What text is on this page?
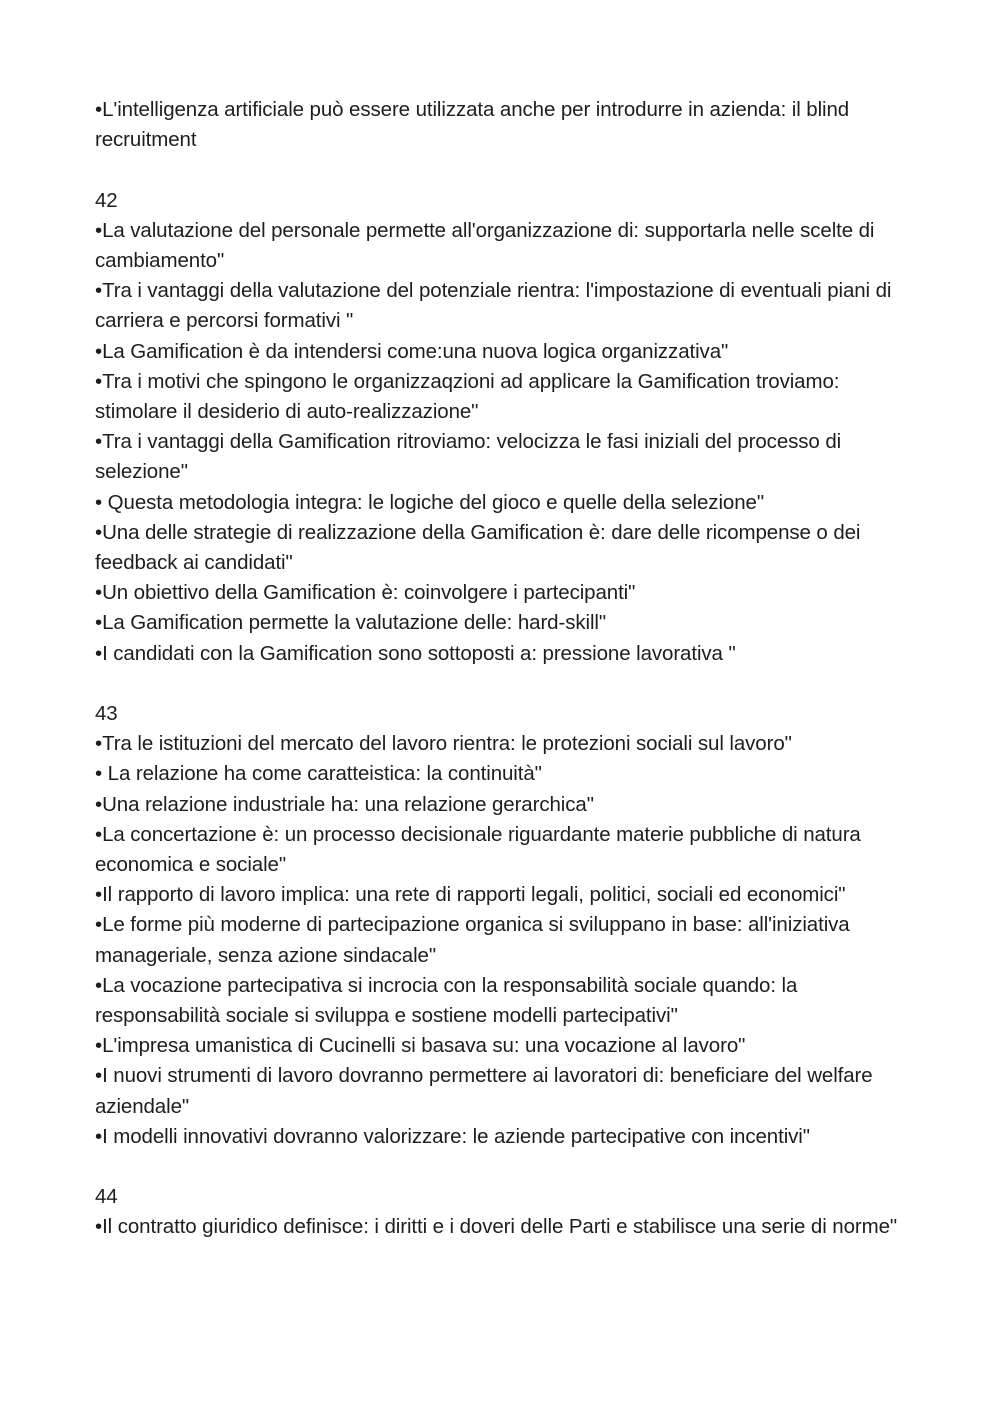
•L'intelligenza artificiale può essere utilizzata anche per introdurre in azienda: il blind recruitment
42
•La valutazione del personale permette all'organizzazione di: supportarla nelle scelte di cambiamento"
•Tra i vantaggi della valutazione del potenziale rientra: l'impostazione di eventuali piani di carriera e percorsi formativi "
•La Gamification è da intendersi come:una nuova logica organizzativa"
•Tra i motivi che spingono le organizzaqzioni ad applicare la Gamification troviamo: stimolare il desiderio di auto-realizzazione"
•Tra i vantaggi della Gamification ritroviamo: velocizza le fasi iniziali del processo di selezione"
• Questa metodologia integra: le logiche del gioco e quelle della selezione"
•Una delle strategie di realizzazione della Gamification è: dare delle ricompense o dei feedback ai candidati"
•Un obiettivo della Gamification è: coinvolgere i partecipanti"
•La Gamification permette la valutazione delle: hard-skill"
•I candidati con la Gamification sono sottoposti a: pressione lavorativa "
43
•Tra le istituzioni del mercato del lavoro rientra: le protezioni sociali sul lavoro"
• La relazione ha come caratteistica: la continuità"
•Una relazione industriale ha: una relazione gerarchica"
•La concertazione è: un processo decisionale riguardante materie pubbliche di natura economica e sociale"
•Il rapporto di lavoro implica: una rete di rapporti legali, politici, sociali ed economici"
•Le forme più moderne di partecipazione organica si sviluppano in base: all'iniziativa manageriale, senza azione sindacale"
•La vocazione partecipativa si incrocia con la responsabilità sociale quando: la responsabilità sociale si sviluppa e sostiene modelli partecipativi"
•L'impresa umanistica di Cucinelli si basava su: una vocazione al lavoro"
•I nuovi strumenti di lavoro dovranno permettere ai lavoratori di: beneficiare del welfare aziendale"
•I modelli innovativi dovranno valorizzare: le aziende partecipative con incentivi"
44
•Il contratto giuridico definisce: i diritti e i doveri delle Parti e stabilisce una serie di norme"
